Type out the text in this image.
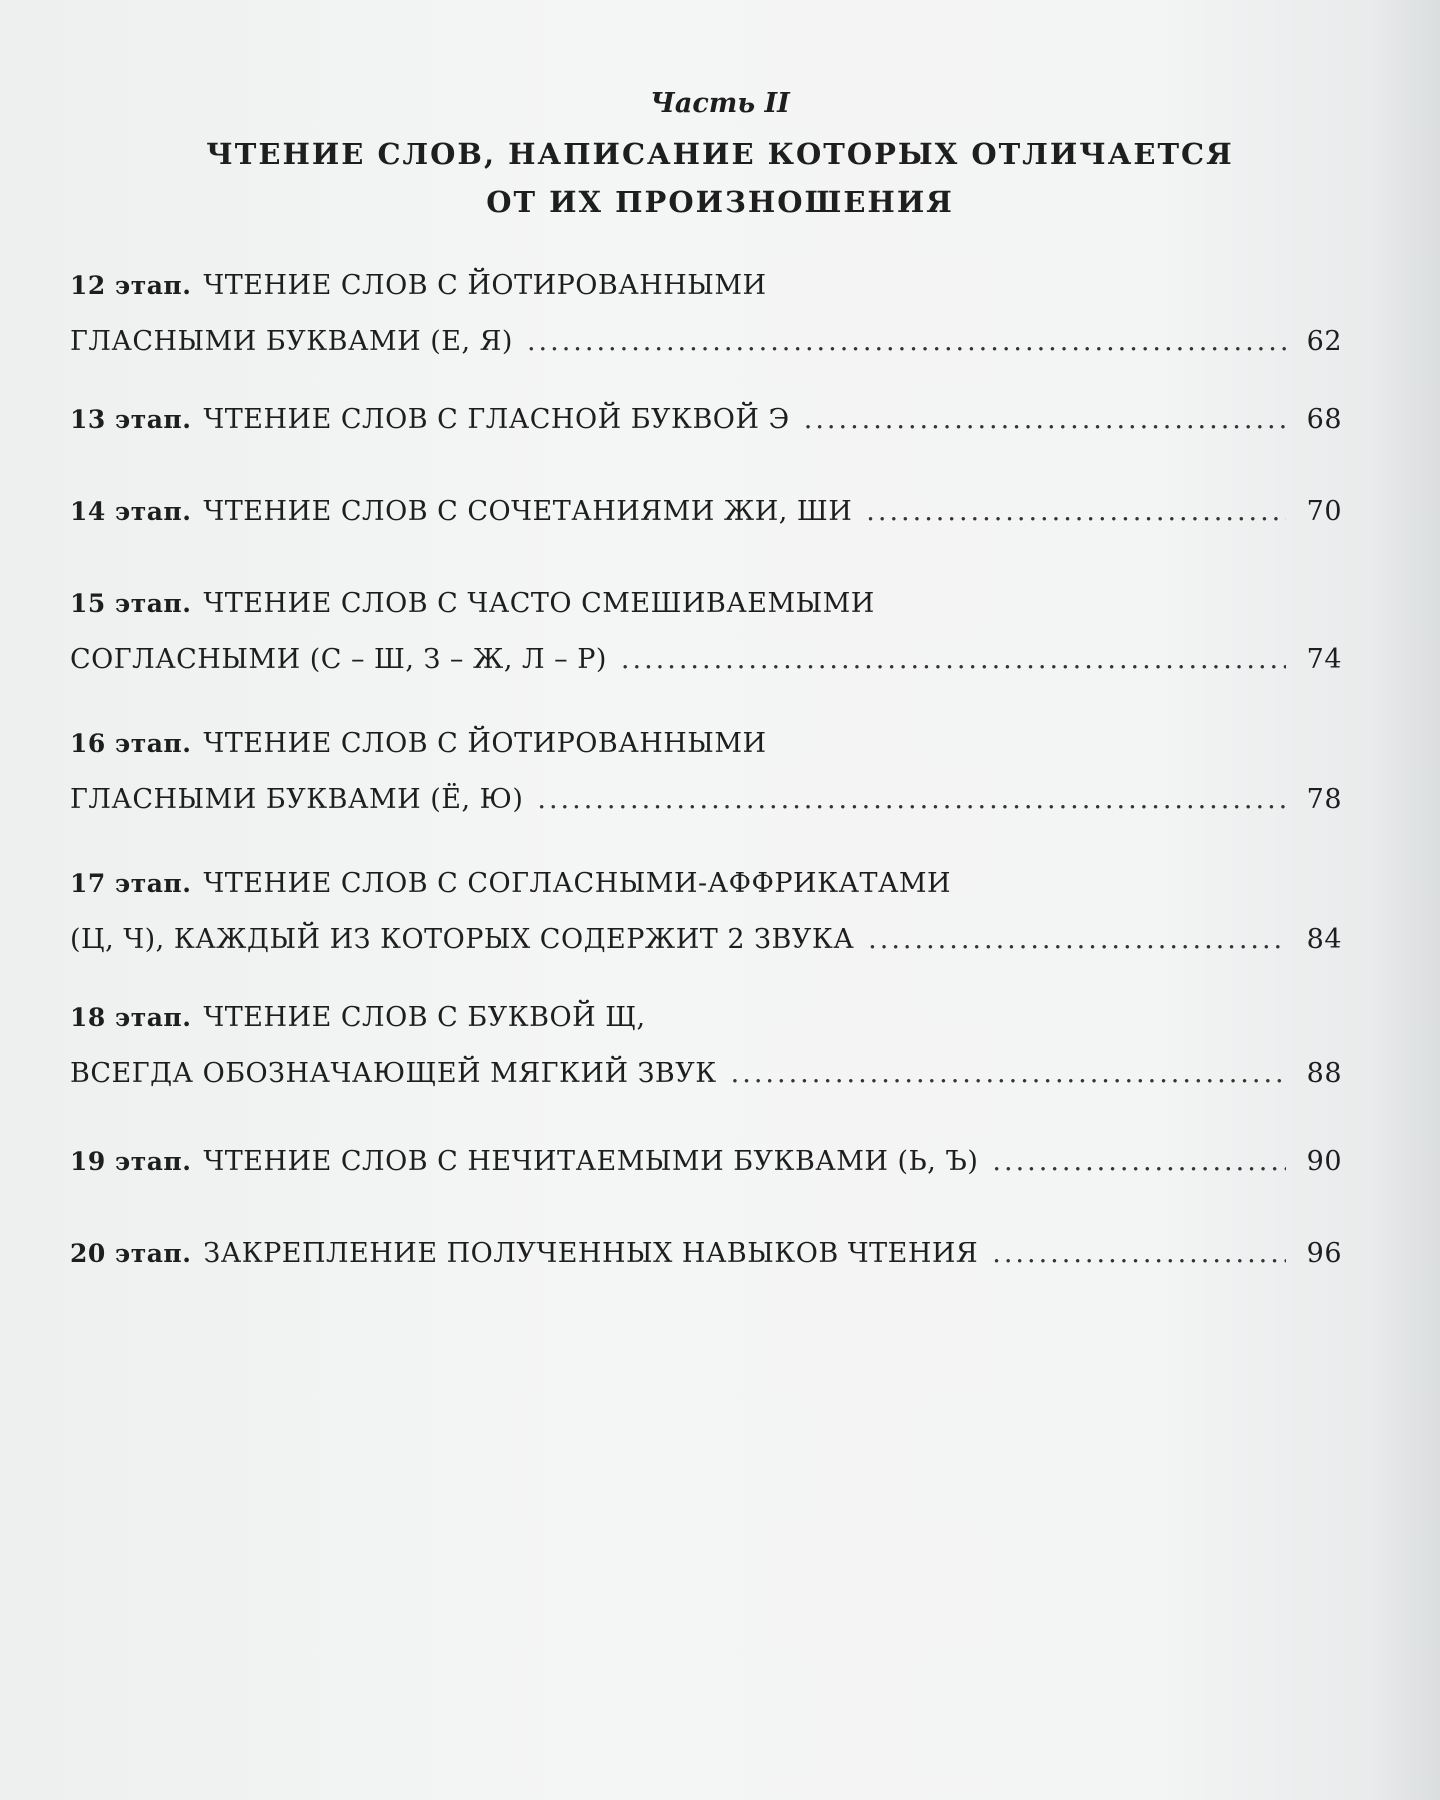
Часть II
ЧТЕНИЕ СЛОВ, НАПИСАНИЕ КОТОРЫХ ОТЛИЧАЕТСЯ
ОТ ИХ ПРОИЗНОШЕНИЯ
12 этап. ЧТЕНИЕ СЛОВ С ЙОТИРОВАННЫМИ
ГЛАСНЫМИ БУКВАМИ (Е, Я) .....	62
13 этап. ЧТЕНИЕ СЛОВ С ГЛАСНОЙ БУКВОЙ Э .....	68
14 этап. ЧТЕНИЕ СЛОВ С СОЧЕТАНИЯМИ ЖИ, ШИ .....	70
15 этап. ЧТЕНИЕ СЛОВ С ЧАСТО СМЕШИВАЕМЫМИ
СОГЛАСНЫМИ (С – Ш, З – Ж, Л – Р) .....	74
16 этап. ЧТЕНИЕ СЛОВ С ЙОТИРОВАННЫМИ
ГЛАСНЫМИ БУКВАМИ (Ё, Ю) .....	78
17 этап. ЧТЕНИЕ СЛОВ С СОГЛАСНЫМИ-АФФРИКАТАМИ
(Ц, Ч), КАЖДЫЙ ИЗ КОТОРЫХ СОДЕРЖИТ 2 ЗВУКА .....	84
18 этап. ЧТЕНИЕ СЛОВ С БУКВОЙ Щ,
ВСЕГДА ОБОЗНАЧАЮЩЕЙ МЯГКИЙ ЗВУК .....	88
19 этап. ЧТЕНИЕ СЛОВ С НЕЧИТАЕМЫМИ БУКВАМИ (Ь, Ъ) .....	90
20 этап. ЗАКРЕПЛЕНИЕ ПОЛУЧЕННЫХ НАВЫКОВ ЧТЕНИЯ .....	96
